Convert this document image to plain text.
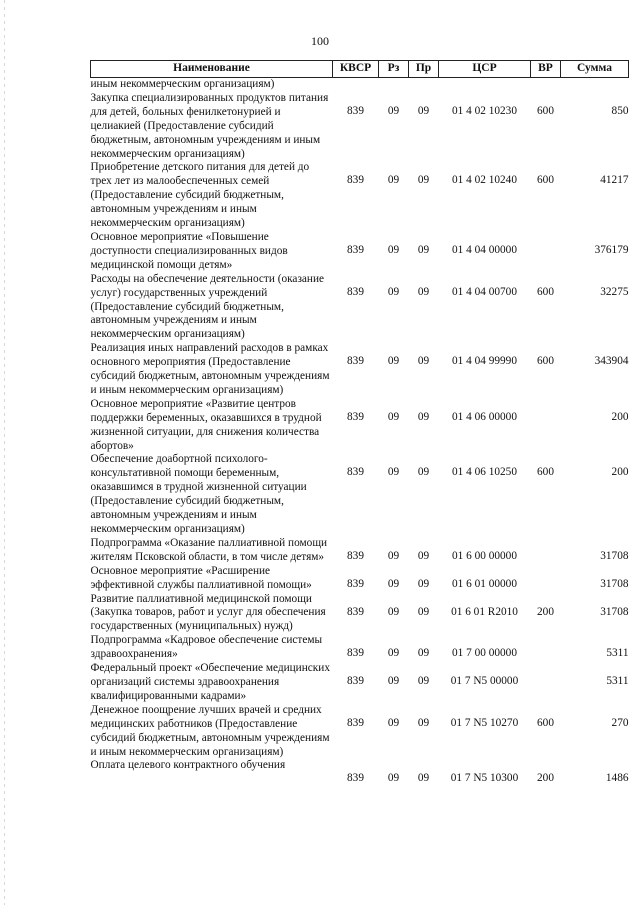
100
Наименование	КВСР	Рз	Пр	ЦСР	ВР	Сумма
иным некоммерческим организациям)						
Закупка специализированных продуктов питания для детей, больных фенилкетонурией и целиакией (Предоставление субсидий бюджетным, автономным учреждениям и иным некоммерческим организациям)	839	09	09	01 4 02 10230	600	850
Приобретение детского питания для детей до трех лет из малообеспеченных семей (Предоставление субсидий бюджетным, автономным учреждениям и иным некоммерческим организациям)	839	09	09	01 4 02 10240	600	41217
Основное мероприятие «Повышение доступности специализированных видов медицинской помощи детям»	839	09	09	01 4 04 00000		376179
Расходы на обеспечение деятельности (оказание услуг) государственных учреждений (Предоставление субсидий бюджетным, автономным учреждениям и иным некоммерческим организациям)	839	09	09	01 4 04 00700	600	32275
Реализация иных направлений расходов в рамках основного мероприятия (Предоставление субсидий бюджетным, автономным учреждениям и иным некоммерческим организациям)	839	09	09	01 4 04 99990	600	343904
Основное мероприятие «Развитие центров поддержки беременных, оказавшихся в трудной жизненной ситуации, для снижения количества абортов»	839	09	09	01 4 06 00000		200
Обеспечение доабортной психолого-консультативной помощи беременным, оказавшимся в трудной жизненной ситуации (Предоставление субсидий бюджетным, автономным учреждениям и иным некоммерческим организациям)	839	09	09	01 4 06 10250	600	200
Подпрограмма «Оказание паллиативной помощи жителям Псковской области, в том числе детям»	839	09	09	01 6 00 00000		31708
Основное мероприятие «Расширение эффективной службы паллиативной помощи»	839	09	09	01 6 01 00000		31708
Развитие паллиативной медицинской помощи (Закупка товаров, работ и услуг для обеспечения государственных (муниципальных) нужд)	839	09	09	01 6 01 R2010	200	31708
Подпрограмма «Кадровое обеспечение системы здравоохранения»	839	09	09	01 7 00 00000		5311
Федеральный проект «Обеспечение медицинских организаций системы здравоохранения квалифицированными кадрами»	839	09	09	01 7 N5 00000		5311
Денежное поощрение лучших врачей и средних медицинских работников (Предоставление субсидий бюджетным, автономным учреждениям и иным некоммерческим организациям)	839	09	09	01 7 N5 10270	600	270
Оплата целевого контрактного обучения	839	09	09	01 7 N5 10300	200	1486
